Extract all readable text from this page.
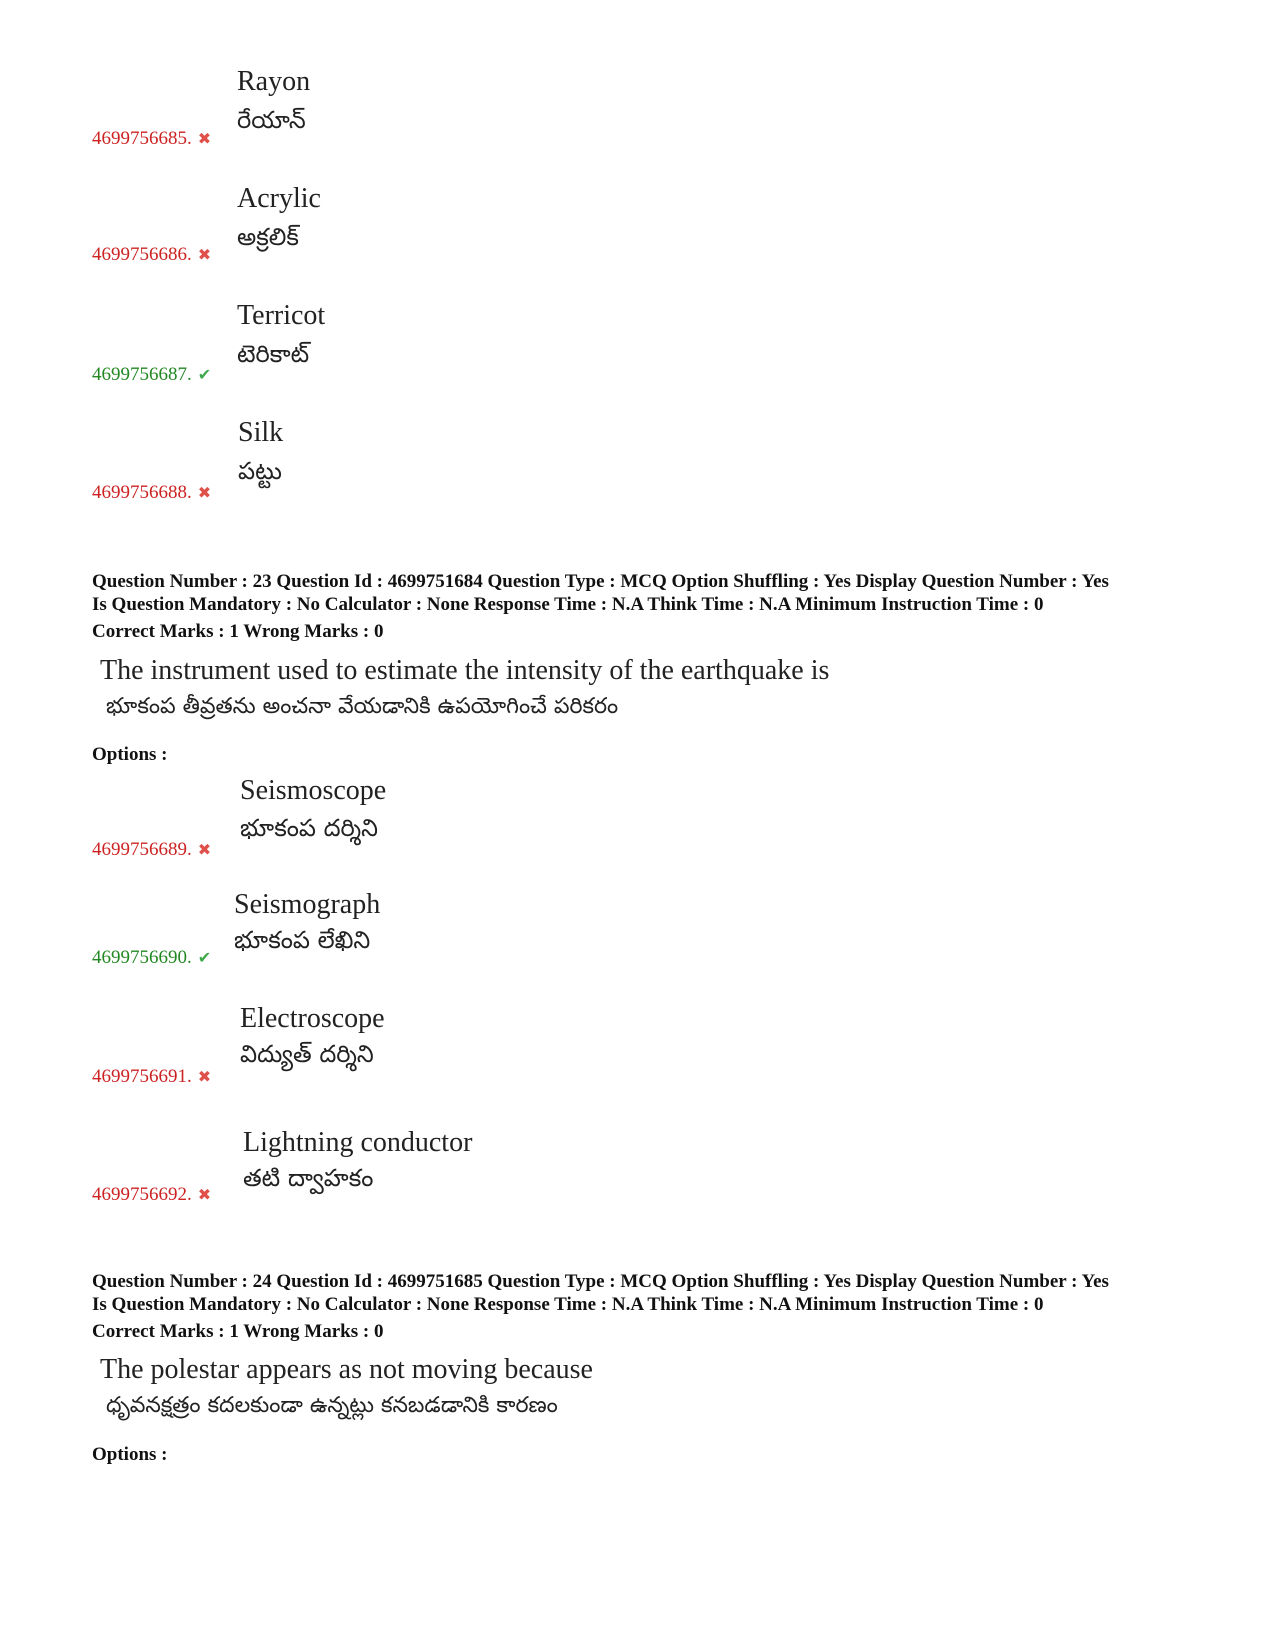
Rayon
రేయాన్
4699756685. ✖
Acrylic
అక్రలిక్
4699756686. ✖
Terricot
టెరికాట్
4699756687. ✔
Silk
పట్టు
4699756688. ✖
Question Number : 23 Question Id : 4699751684 Question Type : MCQ Option Shuffling : Yes Display Question Number : Yes
Is Question Mandatory : No Calculator : None Response Time : N.A Think Time : N.A Minimum Instruction Time : 0
Correct Marks : 1 Wrong Marks : 0
The instrument used to estimate the intensity of the earthquake is
భూకంప తీవ్రతను అంచనా వేయడానికి ఉపయోగించే పరికరం
Options :
Seismoscope
భూకంప దర్శిని
4699756689. ✖
Seismograph
భూకంప లేఖిని
4699756690. ✔
Electroscope
విద్యుత్ దర్శిని
4699756691. ✖
Lightning conductor
తటి ద్వాహకం
4699756692. ✖
Question Number : 24 Question Id : 4699751685 Question Type : MCQ Option Shuffling : Yes Display Question Number : Yes
Is Question Mandatory : No Calculator : None Response Time : N.A Think Time : N.A Minimum Instruction Time : 0
Correct Marks : 1 Wrong Marks : 0
The polestar appears as not moving because
ధృవనక్షత్రం కదలకుండా ఉన్నట్లు కనబడడానికి కారణం
Options :
